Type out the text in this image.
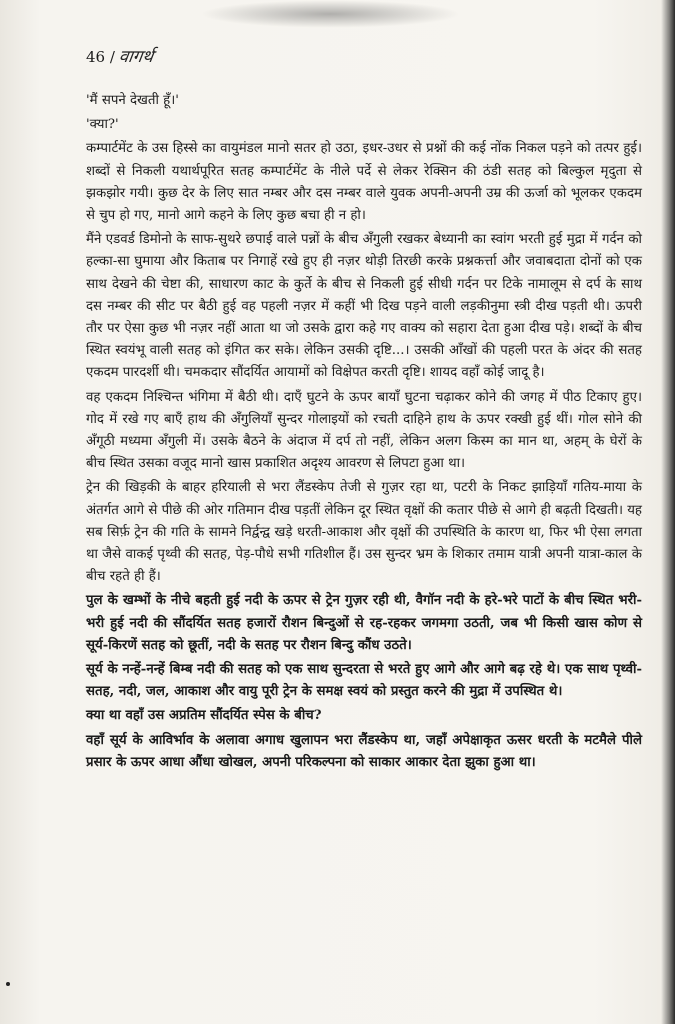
46 / वागर्थ

'मैं सपने देखती हूँ।'

'क्या?'

कम्पार्टमेंट के उस हिस्से का वायुमंडल मानो सतर हो उठा, इधर-उधर से प्रश्नों की कई नोंक निकल पड़ने को तत्पर हुई। शब्दों से निकली यथार्थपूरित सतह कम्पार्टमेंट के नीले पर्दे से लेकर रेक्सिन की ठंडी सतह को बिल्कुल मृदुता से झकझोर गयी। कुछ देर के लिए सात नम्बर और दस नम्बर वाले युवक अपनी-अपनी उम्र की ऊर्जा को भूलकर एकदम से चुप हो गए, मानो आगे कहने के लिए कुछ बचा ही न हो।

मैंने एडवर्ड डिमोनो के साफ-सुथरे छपाई वाले पन्नों के बीच अँगुली रखकर बेध्यानी का स्वांग भरती हुई मुद्रा में गर्दन को हल्का-सा घुमाया और किताब पर निगाहें रखे हुए ही नज़र थोड़ी तिरछी करके प्रश्नकर्त्ता और जवाबदाता दोनों को एक साथ देखने की चेष्टा की, साधारण काट के कुर्ते के बीच से निकली हुई सीधी गर्दन पर टिके नामालूम से दर्प के साथ दस नम्बर की सीट पर बैठी हुई वह पहली नज़र में कहीं भी दिख पड़ने वाली लड़कीनुमा स्त्री दीख पड़ती थी। ऊपरी तौर पर ऐसा कुछ भी नज़र नहीं आता था जो उसके द्वारा कहे गए वाक्य को सहारा देता हुआ दीख पड़े। शब्दों के बीच स्थित स्वयंभू वाली सतह को इंगित कर सके। लेकिन उसकी दृष्टि...। उसकी आँखों की पहली परत के अंदर की सतह एकदम पारदर्शी थी। चमकदार सौंदर्यित आयामों को विक्षेपत करती दृष्टि। शायद वहाँ कोई जादू है।

वह एकदम निश्चिन्त भंगिमा में बैठी थी। दाएँ घुटने के ऊपर बायाँ घुटना चढ़ाकर कोने की जगह में पीठ टिकाए हुए। गोद में रखे गए बाएँ हाथ की अँगुलियाँ सुन्दर गोलाइयों को रचती दाहिने हाथ के ऊपर रक्खी हुई थीं। गोल सोने की अँगूठी मध्यमा अँगुली में। उसके बैठने के अंदाज में दर्प तो नहीं, लेकिन अलग किस्म का मान था, अहम् के घेरों के बीच स्थित उसका वजूद मानो खास प्रकाशित अदृश्य आवरण से लिपटा हुआ था।

ट्रेन की खिड़की के बाहर हरियाली से भरा लैंडस्केप तेजी से गुज़र रहा था, पटरी के निकट झाड़ियाँ गतिय-माया के अंतर्गत आगे से पीछे की ओर गतिमान दीख पड़तीं लेकिन दूर स्थित वृक्षों की कतार पीछे से आगे ही बढ़ती दिखती। यह सब सिर्फ़ ट्रेन की गति के सामने निर्द्वन्द्व खड़े धरती-आकाश और वृक्षों की उपस्थिति के कारण था, फिर भी ऐसा लगता था जैसे वाकई पृथ्वी की सतह, पेड़-पौधे सभी गतिशील हैं। उस सुन्दर भ्रम के शिकार तमाम यात्री अपनी यात्रा-काल के बीच रहते ही हैं।

पुल के खम्भों के नीचे बहती हुई नदी के ऊपर से ट्रेन गुज़र रही थी, वैगॉन नदी के हरे-भरे पाटों के बीच स्थित भरी-भरी हुई नदी की सौंदर्यित सतह हजारों रौशन बिन्दुओं से रह-रहकर जगमगा उठती, जब भी किसी खास कोण से सूर्य-किरणें सतह को छूतीं, नदी के सतह पर रौशन बिन्दु कौंध उठते।

सूर्य के नन्हें-नन्हें बिम्ब नदी की सतह को एक साथ सुन्दरता से भरते हुए आगे और आगे बढ़ रहे थे। एक साथ पृथ्वी-सतह, नदी, जल, आकाश और वायु पूरी ट्रेन के समक्ष स्वयं को प्रस्तुत करने की मुद्रा में उपस्थित थे।

क्या था वहाँ उस अप्रतिम सौंदर्यित स्पेस के बीच?

वहाँ सूर्य के आविर्भाव के अलावा अगाध खुलापन भरा लैंडस्केप था, जहाँ अपेक्षाकृत ऊसर धरती के मटमैले पीले प्रसार के ऊपर आधा औंधा खोखल, अपनी परिकल्पना को साकार आकार देता झुका हुआ था।
